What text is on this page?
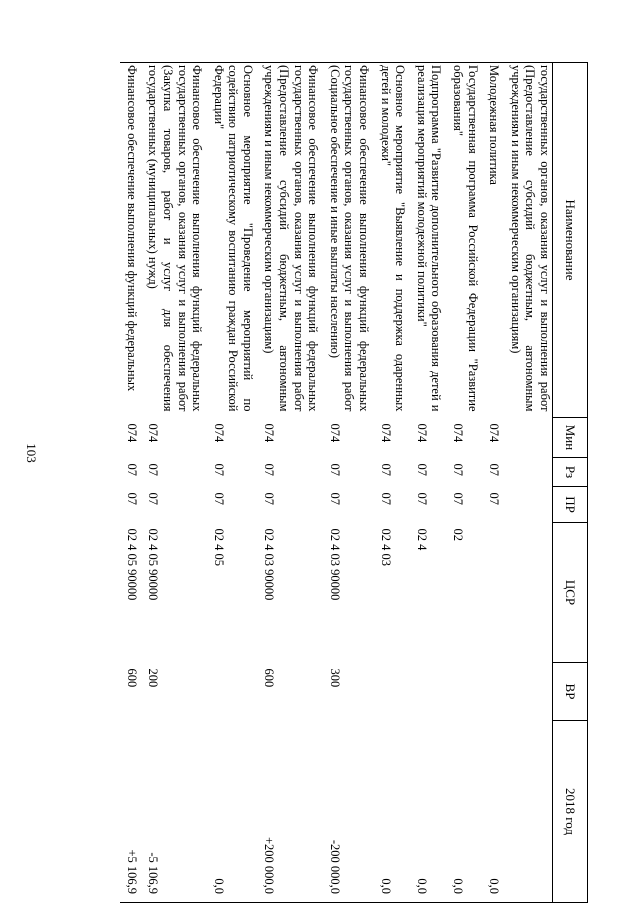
103
Наименование	Мин	Рз	ПР	ЦСР	ВР	2018 год
государственных органов, оказания услуг и выполнения работ (Предоставление субсидий бюджетным, автономным учреждениям и иным некоммерческим организациям)						
Молодежная политика	074	07	07			0,0
Государственная программа Российской Федерации "Развитие образования"	074	07	07	02		0,0
Подпрограмма "Развитие дополнительного образования детей и реализация мероприятий молодежной политики"	074	07	07	02 4		0,0
Основное мероприятие "Выявление и поддержка одаренных детей и молодежи"	074	07	07	02 4 03		0,0
Финансовое обеспечение выполнения функций федеральных государственных органов, оказания услуг и выполнения работ (Социальное обеспечение и иные выплаты населению)	074	07	07	02 4 03 90000	300	-200 000,0
Финансовое обеспечение выполнения функций федеральных государственных органов, оказания услуг и выполнения работ (Предоставление субсидий бюджетным, автономным учреждениям и иным некоммерческим организациям)	074	07	07	02 4 03 90000	600	+200 000,0
Основное мероприятие "Проведение мероприятий по содействию патриотическому воспитанию граждан Российской Федерации"	074	07	07	02 4 05		0,0
Финансовое обеспечение выполнения функций федеральных государственных органов, оказания услуг и выполнения работ (Закупка товаров, работ и услуг для обеспечения государственных (муниципальных) нужд)	074	07	07	02 4 05 90000	200	-5 106,9
Финансовое обеспечение выполнения функций федеральных	074	07	07	02 4 05 90000	600	+5 106,9
